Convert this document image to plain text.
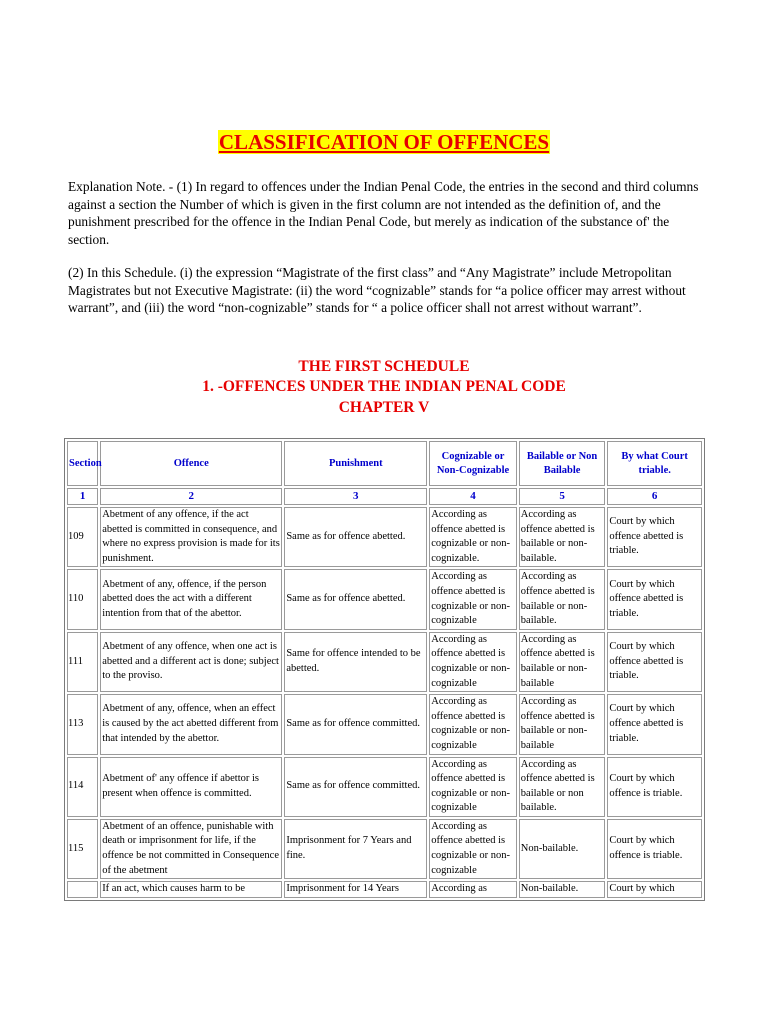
CLASSIFICATION OF OFFENCES

Explanation Note. - (1) In regard to offences under the Indian Penal Code, the entries in the second and third columns against a section the Number of which is given in the first column are not intended as the definition of, and the punishment prescribed for the offence in the Indian Penal Code, but merely as indication of the substance of' the section.

(2) In this Schedule. (i) the expression “Magistrate of the first class” and “Any Magistrate” include Metropolitan Magistrates but not Executive Magistrate: (ii) the word “cognizable” stands for “a police officer may arrest without warrant”, and (iii) the word “non-cognizable” stands for “ a police officer shall not arrest without warrant”.

THE FIRST SCHEDULE
1. -OFFENCES UNDER THE INDIAN PENAL CODE
CHAPTER V
Section	Offence	Punishment	Cognizable or Non-Cognizable	Bailable or Non Bailable	By what Court triable.
1	2	3	4	5	6
109	Abetment of any offence, if the act abetted is committed in consequence, and where no express provision is made for its punishment.	Same as for offence abetted.	According as offence abetted is cognizable or non-cognizable.	According as offence abetted is bailable or non-bailable.	Court by which offence abetted is triable.
110	Abetment of any, offence, if the person abetted does the act with a different intention from that of the abettor.	Same as for offence abetted.	According as offence abetted is cognizable or non-cognizable	According as offence abetted is bailable or non-bailable.	Court by which offence abetted is triable.
111	Abetment of any offence, when one act is abetted and a different act is done; subject to the proviso.	Same for offence intended to be abetted.	According as offence abetted is cognizable or non-cognizable	According as offence abetted is bailable or non-bailable	Court by which offence abetted is triable.
113	Abetment of any, offence, when an effect is caused by the act abetted different from that intended by the abettor.	Same as for offence committed.	According as offence abetted is cognizable or non-cognizable	According as offence abetted is bailable or non-bailable	Court by which offence abetted is triable.
114	Abetment of' any offence if abettor is present when offence is committed.	Same as for offence committed.	According as offence abetted is cognizable or non-cognizable	According as offence abetted is bailable or non bailable.	Court by which offence is triable.
115	Abetment of an offence, punishable with death or imprisonment for life, if the offence be not committed in Consequence of the abetment	Imprisonment for 7 Years and fine.	According as offence abetted is cognizable or non-cognizable	Non-bailable.	Court by which offence is triable.
	If an act, which causes harm to be	Imprisonment for 14 Years	According as	Non-bailable.	Court by which
